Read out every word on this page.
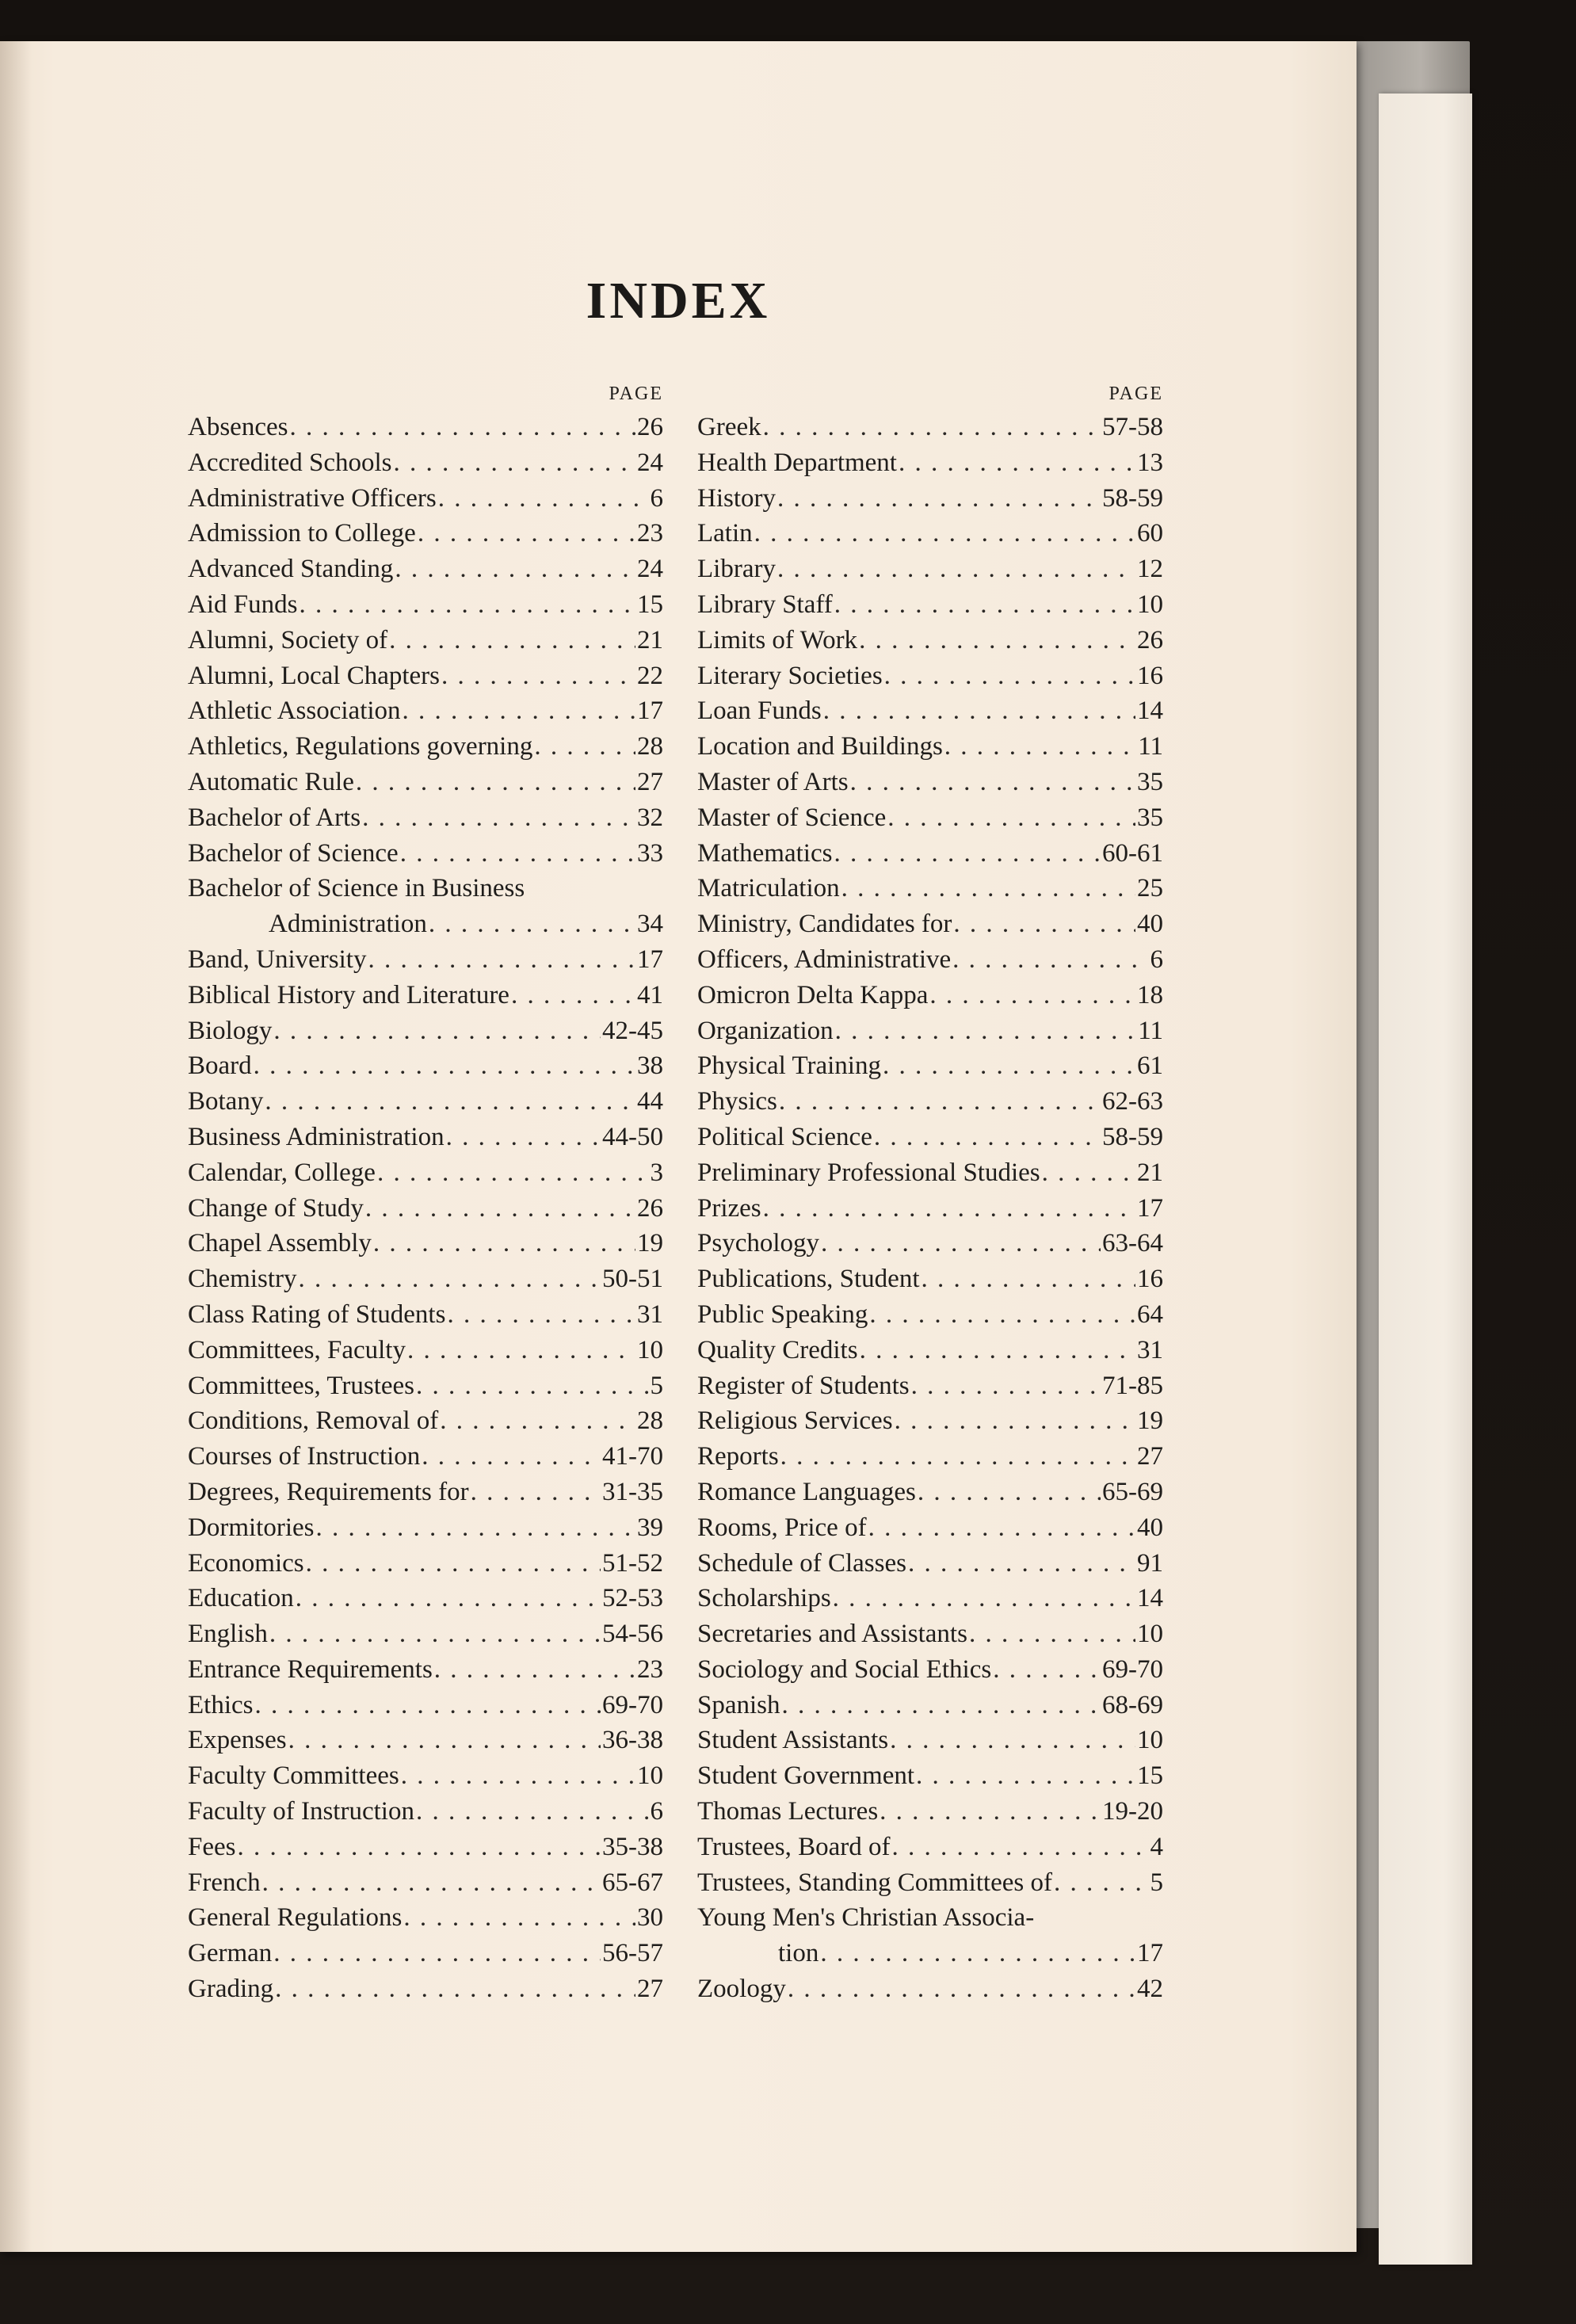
INDEX
PAGE
Absences . . .	26
Accredited Schools . . .	24
Administrative Officers . . .	6
Admission to College . . .	23
Advanced Standing . . .	24
Aid Funds . . .	15
Alumni, Society of . . .	21
Alumni, Local Chapters . . .	22
Athletic Association . . .	17
Athletics, Regulations governing . . .	28
Automatic Rule . . .	27
Bachelor of Arts . . .	32
Bachelor of Science . . .	33
Bachelor of Science in Business
Administration . . .	34
Band, University . . .	17
Biblical History and Literature . . .	41
Biology . . .	42-45
Board . . .	38
Botany . . .	44
Business Administration . . .	44-50
Calendar, College . . .	3
Change of Study . . .	26
Chapel Assembly . . .	19
Chemistry . . .	50-51
Class Rating of Students . . .	31
Committees, Faculty . . .	10
Committees, Trustees . . .	5
Conditions, Removal of . . .	28
Courses of Instruction . . .	41-70
Degrees, Requirements for . . .	31-35
Dormitories . . .	39
Economics . . .	51-52
Education . . .	52-53
English . . .	54-56
Entrance Requirements . . .	23
Ethics . . .	69-70
Expenses . . .	36-38
Faculty Committees . . .	10
Faculty of Instruction . . .	6
Fees . . .	35-38
French . . .	65-67
General Regulations . . .	30
German . . .	56-57
Grading . . .	27
PAGE
Greek . . .	57-58
Health Department . . .	13
History . . .	58-59
Latin . . .	60
Library . . .	12
Library Staff . . .	10
Limits of Work . . .	26
Literary Societies . . .	16
Loan Funds . . .	14
Location and Buildings . . .	11
Master of Arts . . .	35
Master of Science . . .	35
Mathematics . . .	60-61
Matriculation . . .	25
Ministry, Candidates for . . .	40
Officers, Administrative . . .	6
Omicron Delta Kappa . . .	18
Organization . . .	11
Physical Training . . .	61
Physics . . .	62-63
Political Science . . .	58-59
Preliminary Professional Studies . . .	21
Prizes . . .	17
Psychology . . .	63-64
Publications, Student . . .	16
Public Speaking . . .	64
Quality Credits . . .	31
Register of Students . . .	71-85
Religious Services . . .	19
Reports . . .	27
Romance Languages . . .	65-69
Rooms, Price of . . .	40
Schedule of Classes . . .	91
Scholarships . . .	14
Secretaries and Assistants . . .	10
Sociology and Social Ethics . . .	69-70
Spanish . . .	68-69
Student Assistants . . .	10
Student Government . . .	15
Thomas Lectures . . .	19-20
Trustees, Board of . . .	4
Trustees, Standing Committees of . . .	5
Young Men's Christian Associa-
tion . . .	17
Zoology . . .	42
